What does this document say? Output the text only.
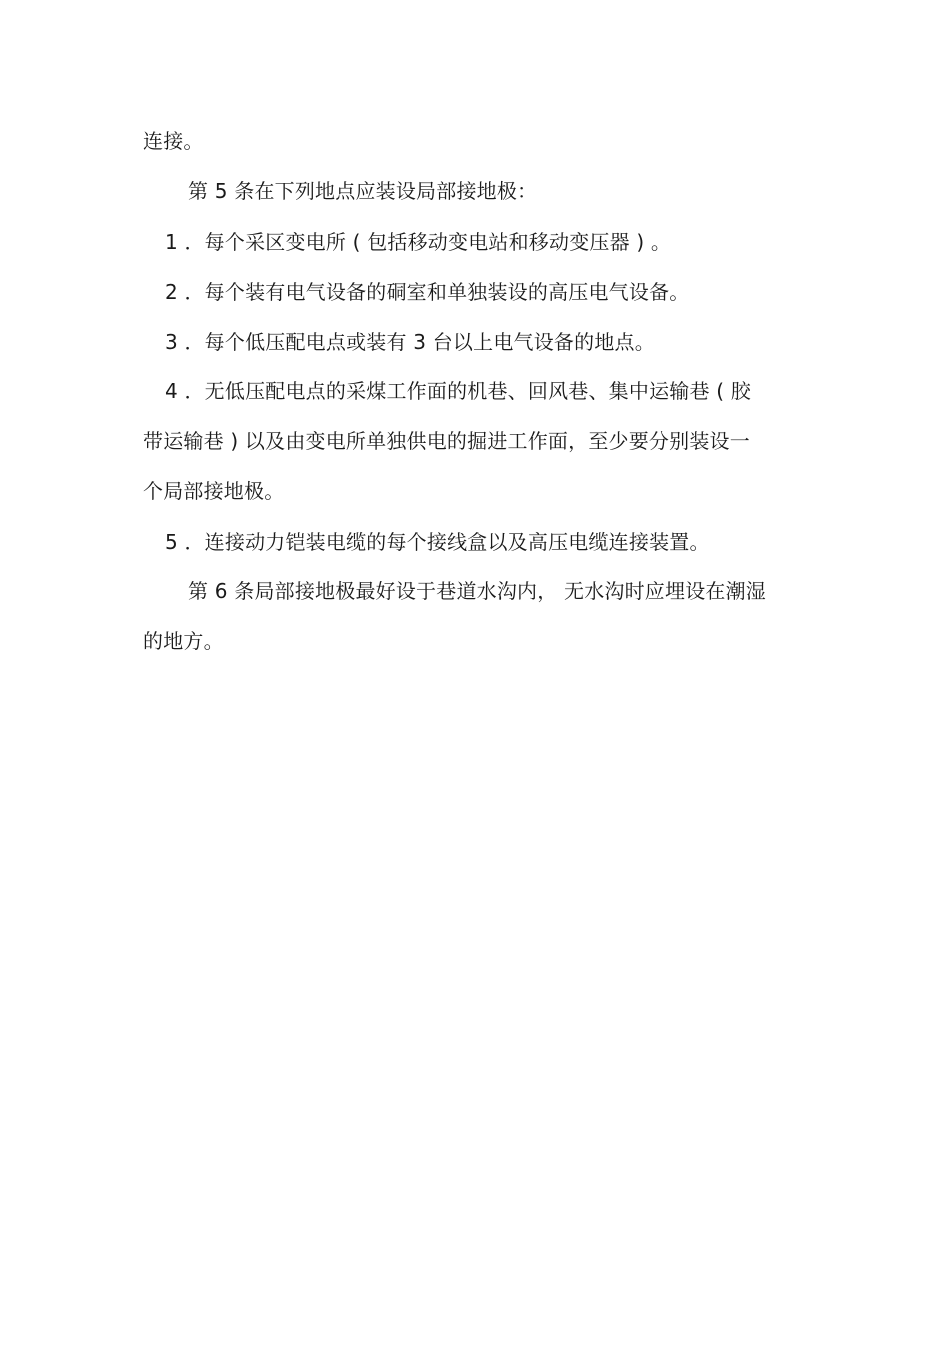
连接。
第 5 条在下列地点应装设局部接地极：
1 ．每个采区变电所 ( 包括移动变电站和移动变压器 ) 。
2 ．每个装有电气设备的硐室和单独装设的高压电气设备。
3 ．每个低压配电点或装有 3 台以上电气设备的地点。
4 ．无低压配电点的采煤工作面的机巷、回风巷、集中运输巷 ( 胶
带运输巷 ) 以及由变电所单独供电的掘进工作面，至少要分别装设一
个局部接地极。
5 ．连接动力铠装电缆的每个接线盒以及高压电缆连接装置。
第 6 条局部接地极最好设于巷道水沟内， 无水沟时应埋设在潮湿
的地方。
